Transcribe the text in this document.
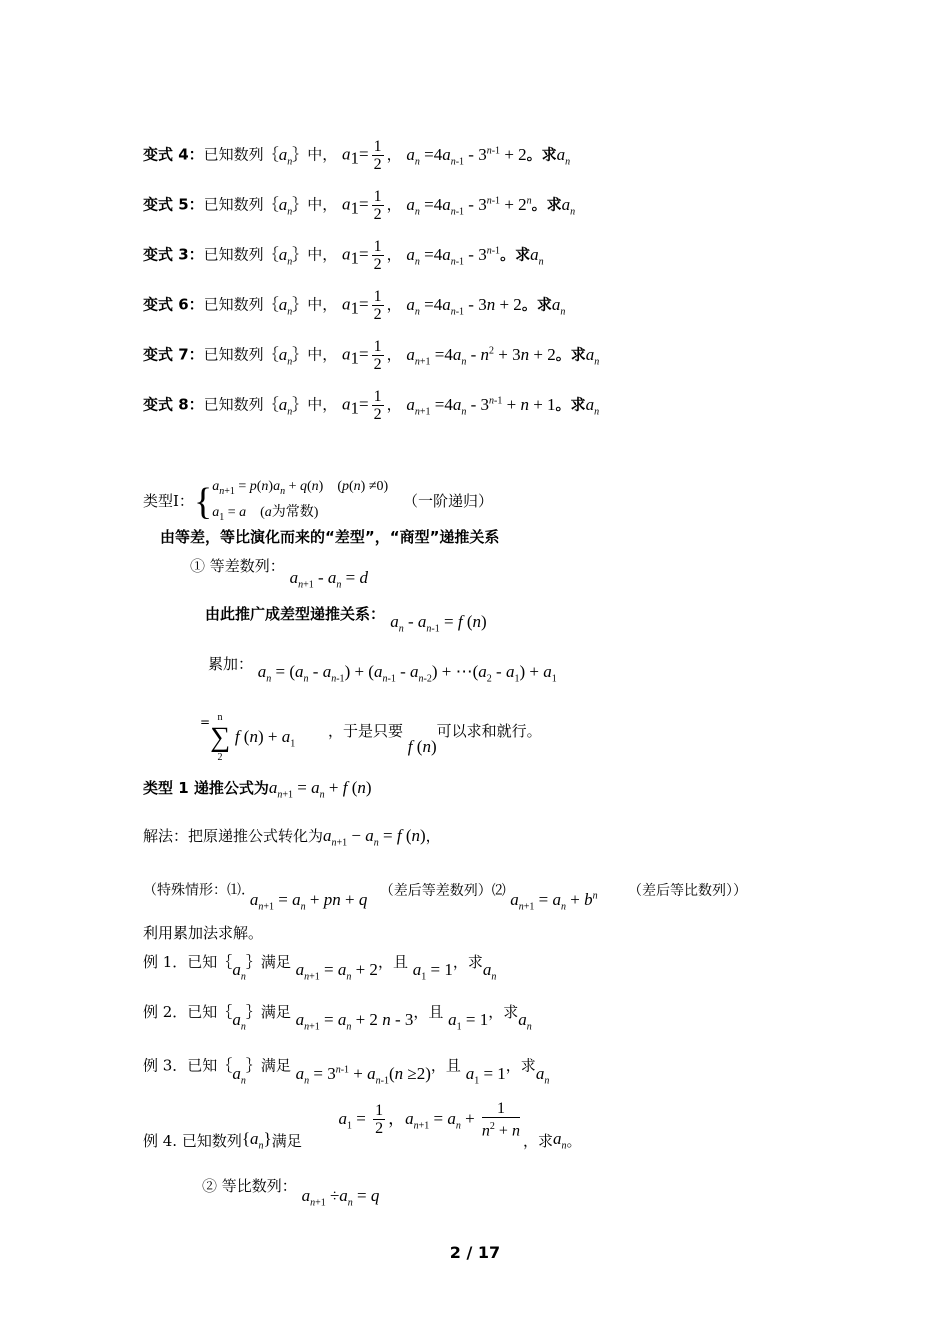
变式 4：已知数列$\{a_n\}$中， $a_1= \frac{1}{2}$ ， $a_n =4a_{n-1} - 3^{n-1} + 2$。求$a_n$
变式 5：已知数列$\{a_n\}$中， $a_1= \frac{1}{2}$ ， $a_n =4a_{n-1} - 3^{n-1} + 2^n$。求$a_n$
变式 3：已知数列$\{a_n\}$中， $a_1= \frac{1}{2}$ ， $a_n =4a_{n-1} - 3^{n-1}$。求$a_n$
变式 6：已知数列$\{a_n\}$中， $a_1= \frac{1}{2}$ ， $a_n =4a_{n-1} - 3n + 2$。求$a_n$
变式 7：已知数列$\{a_n\}$中， $a_1= \frac{1}{2}$ ， $a_{n+1} =4a_n - n^2 + 3n + 2$。求$a_n$
变式 8：已知数列$\{a_n\}$中， $a_1= \frac{1}{2}$ ， $a_{n+1} =4a_n - 3^{n-1} + n + 1$。求$a_n$
类型Ⅰ：{ $a_{n+1} = p(n)a_n + q(n)$    (p(n) ≠0)
$a_1 = a$    (a为常数)
（一阶递归）
由等差，等比演化而来的“差型”，“商型”递推关系
① 等差数列： $a_{n+1} - a_n = d$
由此推广成差型递推关系： $a_n - a_{n-1} = f$ (n)
累加： $a_n = (a_n - a_{n-1}) + (a_{n-1} - a_{n-2})$ + $\cdots(a_2 - a_1) + a_1$
= n
∑
2
f $(n) + a_1$ ，于是只要 f (n)可以求和就行。
类型 1 递推公式为$a_{n+1} = a_n + f$ (n)
解法：把原递推公式转化为$a_{n+1} - a_n = f$ (n)，
（特殊情形：⑴. $a_{n+1} = a_n$ + pn + q （差后等差数列）⑵ $a_{n+1} = a_n + b^n$ （差后等比数列））
利用累加法求解。
例 1．已知$\{a_n\}$满足 $a_{n+1} = a_n + 2$，且 $a_1 = 1$，求$a_n$
例 2．已知$\{a_n\}$满足 $a_{n+1} = a_n + 2$ n - 3，且 $a_1 = 1$，求$a_n$
例 3．已知$\{a_n\}$满足 $a_n = 3^{n-1} + a_{n-1}(n \ge 2)$，且 $a_1 = 1$，求$a_n$
例 4. 已知数列$\{a_n\}$满足 $a_1 = \frac{1}{2}$ ，$a_{n+1} = a_n + \frac{1}{n^2 + n}$
，求$a_n$。
② 等比数列： $a_{n+1} \div a_n = q$
2 / 17
